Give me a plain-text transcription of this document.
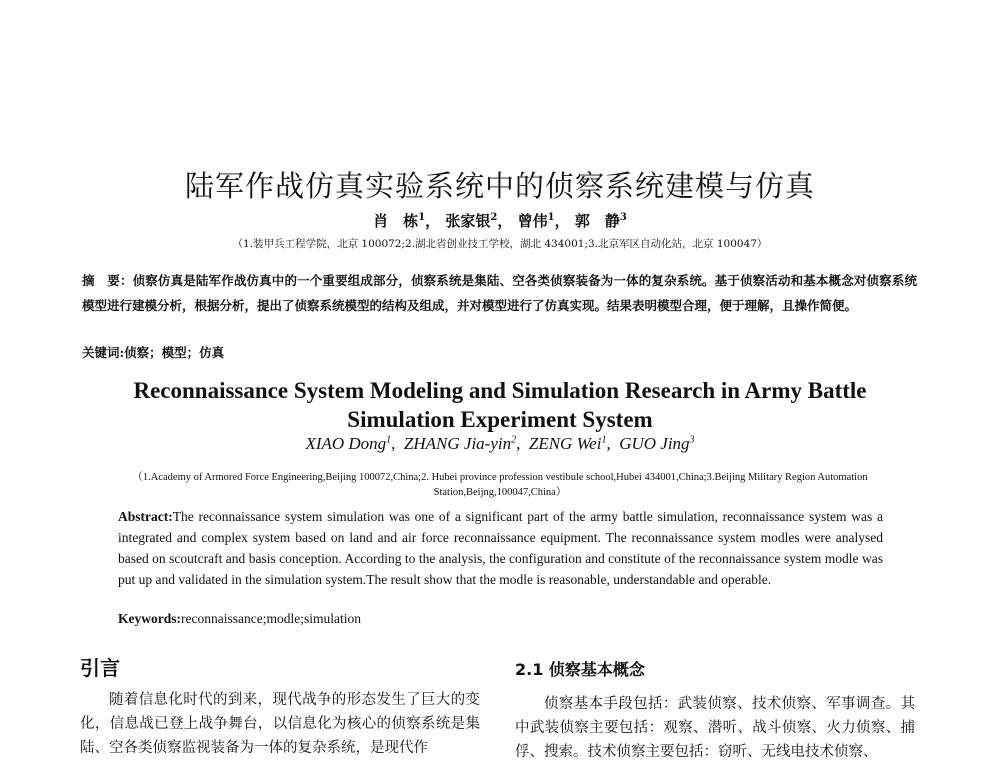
陆军作战仿真实验系统中的侦察系统建模与仿真
肖　栋$^1$， 张家银$^2$， 曾伟$^1$， 郭　静$^3$
（1.装甲兵工程学院，北京 100072;2.湖北省创业技工学校，湖北 434001;3.北京军区自动化站，北京 100047）
摘　要：侦察仿真是陆军作战仿真中的一个重要组成部分，侦察系统是集陆、空各类侦察装备为一体的复杂系统。基于侦察活动和基本概念对侦察系统模型进行建模分析，根据分析，提出了侦察系统模型的结构及组成，并对模型进行了仿真实现。结果表明模型合理，便于理解，且操作简便。
关键词:侦察；模型；仿真
Reconnaissance System Modeling and Simulation Research in Army Battle
Simulation Experiment System
XIAO Dong$^1$,  ZHANG Jia-yin$^2$,  ZENG Wei$^1$,  GUO Jing$^3$
（1.Academy of Armored Force Engineering,Beijing 100072,China;2. Hubei province profession vestibule school,Hubei 434001,China;3.Beijing Military Region Automation Station,Beijng,100047,China）
Abstract:The reconnaissance system simulation was one of a significant part of the army battle simulation, reconnaissance system was a integrated and complex system based on land and air force reconnaissance equipment. The reconnaissance system modles were analysed based on scoutcraft and basis conception. According to the analysis, the configuration and constitute of the reconnaissance system modle was put up and validated in the simulation system.The result show that the modle is reasonable, understandable and operable.
Keywords:reconnaissance;modle;simulation
引言
随着信息化时代的到来，现代战争的形态发生了巨大的变化，信息战已登上战争舞台，以信息化为核心的侦察系统是集陆、空各类侦察监视装备为一体的复杂系统，是现代作
2.1 侦察基本概念
侦察基本手段包括：武装侦察、技术侦察、军事调查。其中武装侦察主要包括：观察、潜听、战斗侦察、火力侦察、捕俘、搜索。技术侦察主要包括：窃听、无线电技术侦察、
